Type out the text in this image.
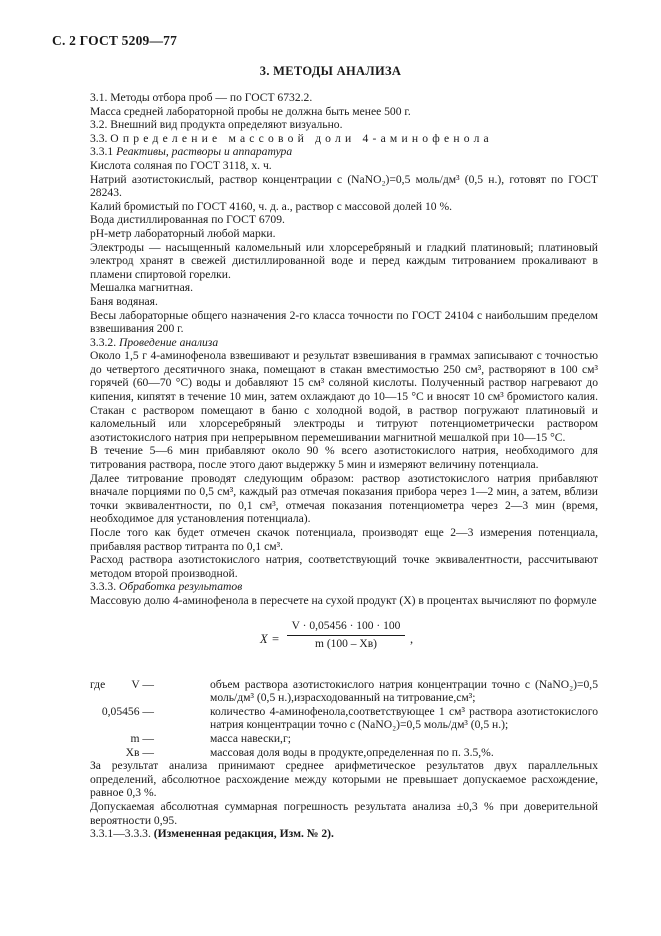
С. 2 ГОСТ 5209—77
3. МЕТОДЫ АНАЛИЗА

3.1. Методы отбора проб — по ГОСТ 6732.2.

Масса средней лабораторной пробы не должна быть менее 500 г.

3.2. Внешний вид продукта определяют визуально.

3.3. Определение массовой доли 4-аминофенола

3.3.1 Реактивы, растворы и аппаратура

Кислота соляная по ГОСТ 3118, х. ч.

Натрий азотистокислый, раствор концентрации c (NaNO₂)=0,5 моль/дм³ (0,5 н.), готовят по ГОСТ 28243.

Калий бромистый по ГОСТ 4160, ч. д. а., раствор с массовой долей 10 %.

Вода дистиллированная по ГОСТ 6709.

pH-метр лабораторный любой марки.

Электроды — насыщенный каломельный или хлорсеребряный и гладкий платиновый; платиновый электрод хранят в свежей дистиллированной воде и перед каждым титрованием прокаливают в пламени спиртовой горелки.

Мешалка магнитная.

Баня водяная.

Весы лабораторные общего назначения 2-го класса точности по ГОСТ 24104 с наибольшим пределом взвешивания 200 г.

3.3.2. Проведение анализа

Около 1,5 г 4-аминофенола взвешивают и результат взвешивания в граммах записывают с точностью до четвертого десятичного знака, помещают в стакан вместимостью 250 см³, растворяют в 100 см³ горячей (60—70 °С) воды и добавляют 15 см³ соляной кислоты. Полученный раствор нагревают до кипения, кипятят в течение 10 мин, затем охлаждают до 10—15 °С и вносят 10 см³ бромистого калия. Стакан с раствором помещают в баню с холодной водой, в раствор погружают платиновый и каломельный или хлорсеребряный электроды и титруют потенциометрически раствором азотистокислого натрия при непрерывном перемешивании магнитной мешалкой при 10—15 °С.

В течение 5—6 мин прибавляют около 90 % всего азотистокислого натрия, необходимого для титрования раствора, после этого дают выдержку 5 мин и измеряют величину потенциала.

Далее титрование проводят следующим образом: раствор азотистокислого натрия прибавляют вначале порциями по 0,5 см³, каждый раз отмечая показания прибора через 1—2 мин, а затем, вблизи точки эквивалентности, по 0,1 см³, отмечая показания потенциометра через 2—3 мин (время, необходимое для установления потенциала).

После того как будет отмечен скачок потенциала, производят еще 2—3 измерения потенциала, прибавляя раствор титранта по 0,1 см³.

Расход раствора азотистокислого натрия, соответствующий точке эквивалентности, рассчитывают методом второй производной.

3.3.3. Обработка результатов

Массовую долю 4-аминофенола в пересчете на сухой продукт (X) в процентах вычисляют по формуле

X =
V · 0,05456 · 100 · 100
m (100 – Xв)	,
где	V —	объем раствора азотистокислого натрия концентрации точно c (NaNO₂)=0,5 моль/дм³ (0,5 н.),израсходованный на титрование,см³;
0,05456 —	количество 4-аминофенола,соответствующее 1 см³ раствора азотистокислого натрия концентрации точно c (NaNO₂)=0,5 моль/дм³ (0,5 н.);
m —	масса навески,г;
Xв —	массовая доля воды в продукте,определенная по п. 3.5,%.

За результат анализа принимают среднее арифметическое результатов двух параллельных определений, абсолютное расхождение между которыми не превышает допускаемое расхождение, равное 0,3 %.

Допускаемая абсолютная суммарная погрешность результата анализа ±0,3 % при доверительной вероятности 0,95.

3.3.1—3.3.3. (Измененная редакция, Изм. № 2).
